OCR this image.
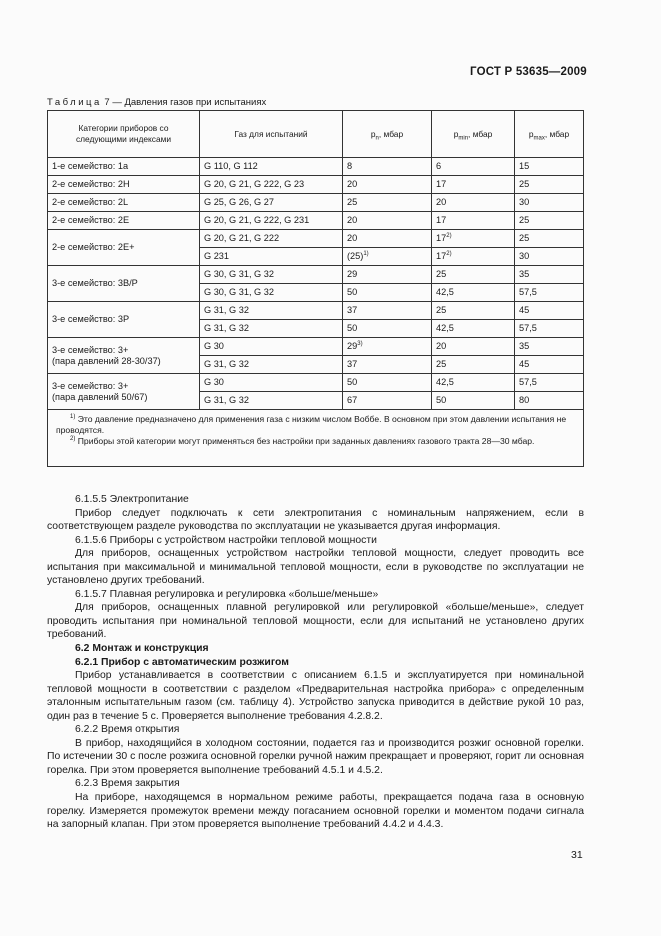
ГОСТ Р 53635—2009
Таблица 7 — Давления газов при испытаниях
Категории приборов со следующими индексами	Газ для испытаний	$p_n$, мбар	$p_{min}$, мбар	$p_{max}$, мбар

1-е семейство: 1а	G 110, G 112	8	6	15

2-е семейство: 2H	G 20, G 21, G 222, G 23	20	17	25

2-е семейство: 2L	G 25, G 26, G 27	25	20	30

2-е семейство: 2E	G 20, G 21, G 222, G 231	20	17	25

2-е семейство: 2E+	G 20, G 21, G 222	20	17$^{2)}$	25
	G 231	$(25)^{1)}$	17$^{2)}$	30

3-е семейство: 3В/Р	G 30, G 31, G 32	29	25	35
	G 30, G 31, G 32	50	42,5	57,5

3-е семейство: 3Р	G 31, G 32	37	25	45
	G 31, G 32	50	42,5	57,5

3-е семейство: 3+
(пара давлений 28-30/37)	G 30	29$^{3)}$	20	35
	G 31, G 32	37	25	45

3-е семейство: 3+
(пара давлений 50/67)	G 30	50	42,5	57,5
	G 31, G 32	67	50	80

$^{1)}$ Это давление предназначено для применения газа с низким числом Воббе. В основном при этом давлении испытания не проводятся.
$^{2)}$ Приборы этой категории могут применяться без настройки при заданных давлениях газового тракта 28—30 мбар.				

6.1.5.5 Электропитание

Прибор следует подключать к сети электропитания с номинальным напряжением, если в соответствующем разделе руководства по эксплуатации не указывается другая информация.

6.1.5.6 Приборы с устройством настройки тепловой мощности

Для приборов, оснащенных устройством настройки тепловой мощности, следует проводить все испытания при максимальной и минимальной тепловой мощности, если в руководстве по эксплуатации не установлено других требований.

6.1.5.7 Плавная регулировка и регулировка «больше/меньше»

Для приборов, оснащенных плавной регулировкой или регулировкой «больше/меньше», следует проводить испытания при номинальной тепловой мощности, если для испытаний не установлено других требований.

6.2 Монтаж и конструкция

6.2.1 Прибор с автоматическим розжигом

Прибор устанавливается в соответствии с описанием 6.1.5 и эксплуатируется при номинальной тепловой мощности в соответствии с разделом «Предварительная настройка прибора» с определенным эталонным испытательным газом (см. таблицу 4). Устройство запуска приводится в действие рукой 10 раз, один раз в течение 5 с. Проверяется выполнение требования 4.2.8.2.

6.2.2 Время открытия

В прибор, находящийся в холодном состоянии, подается газ и производится розжиг основной горелки. По истечении 30 с после розжига основной горелки ручной нажим прекращает и проверяют, горит ли основная горелка. При этом проверяется выполнение требований 4.5.1 и 4.5.2.

6.2.3 Время закрытия

На приборе, находящемся в нормальном режиме работы, прекращается подача газа в основную горелку. Измеряется промежуток времени между погасанием основной горелки и моментом подачи сигнала на запорный клапан. При этом проверяется выполнение требований 4.4.2 и 4.4.3.

31
